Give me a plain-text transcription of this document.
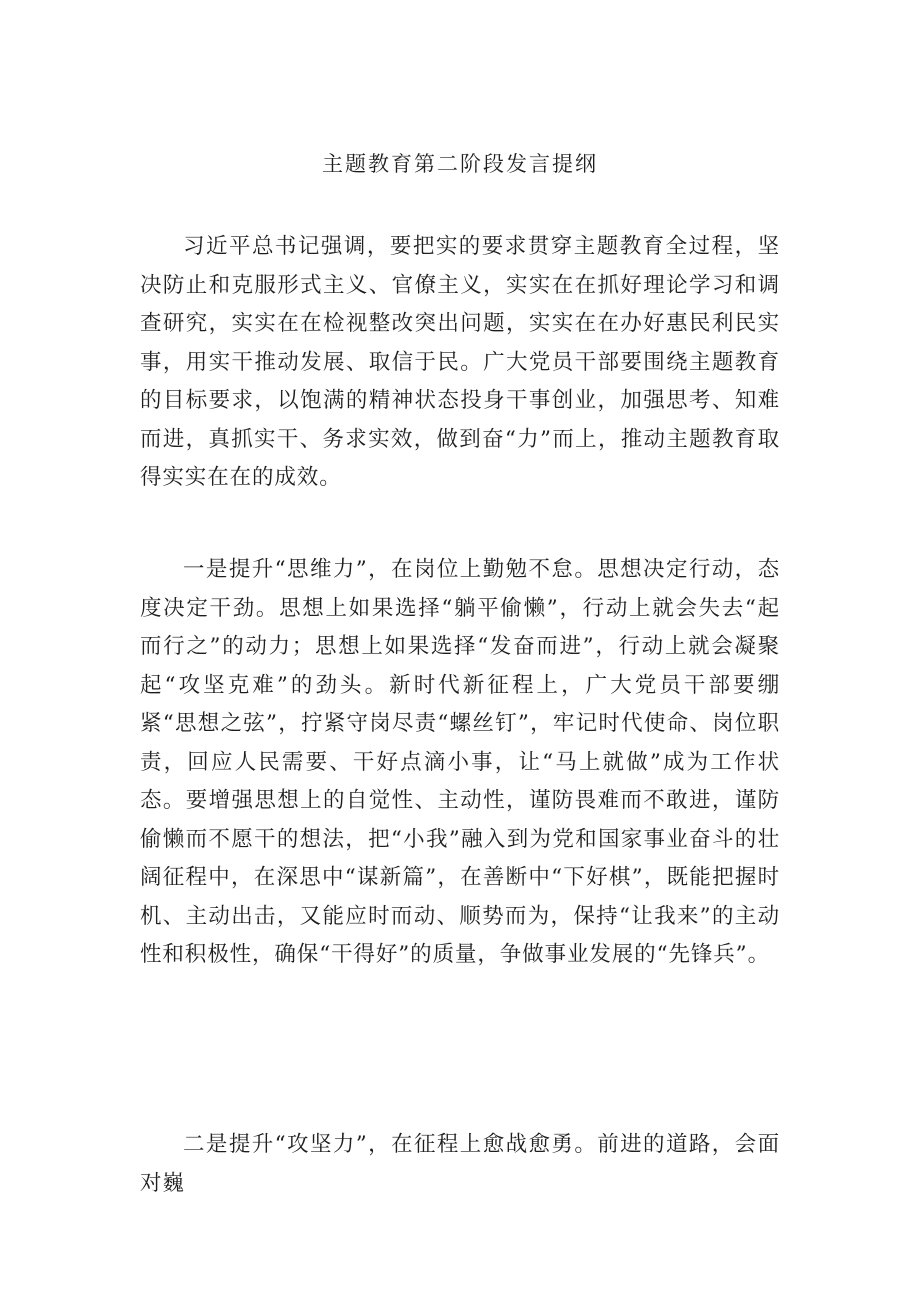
主题教育第二阶段发言提纲

习近平总书记强调，要把实的要求贯穿主题教育全过程，坚决防止和克服形式主义、官僚主义，实实在在抓好理论学习和调查研究，实实在在检视整改突出问题，实实在在办好惠民利民实事，用实干推动发展、取信于民。广大党员干部要围绕主题教育的目标要求，以饱满的精神状态投身干事创业，加强思考、知难而进，真抓实干、务求实效，做到奋“力”而上，推动主题教育取得实实在在的成效。

一是提升“思维力”，在岗位上勤勉不怠。思想决定行动，态度决定干劲。思想上如果选择“躺平偷懒”，行动上就会失去“起而行之”的动力；思想上如果选择“发奋而进”，行动上就会凝聚起“攻坚克难”的劲头。新时代新征程上，广大党员干部要绷紧“思想之弦”，拧紧守岗尽责“螺丝钉”，牢记时代使命、岗位职责，回应人民需要、干好点滴小事，让“马上就做”成为工作状态。要增强思想上的自觉性、主动性，谨防畏难而不敢进，谨防偷懒而不愿干的想法，把“小我”融入到为党和国家事业奋斗的壮阔征程中，在深思中“谋新篇”，在善断中“下好棋”，既能把握时机、主动出击，又能应时而动、顺势而为，保持“让我来”的主动性和积极性，确保“干得好”的质量，争做事业发展的“先锋兵”。

二是提升“攻坚力”，在征程上愈战愈勇。前进的道路，会面对巍
